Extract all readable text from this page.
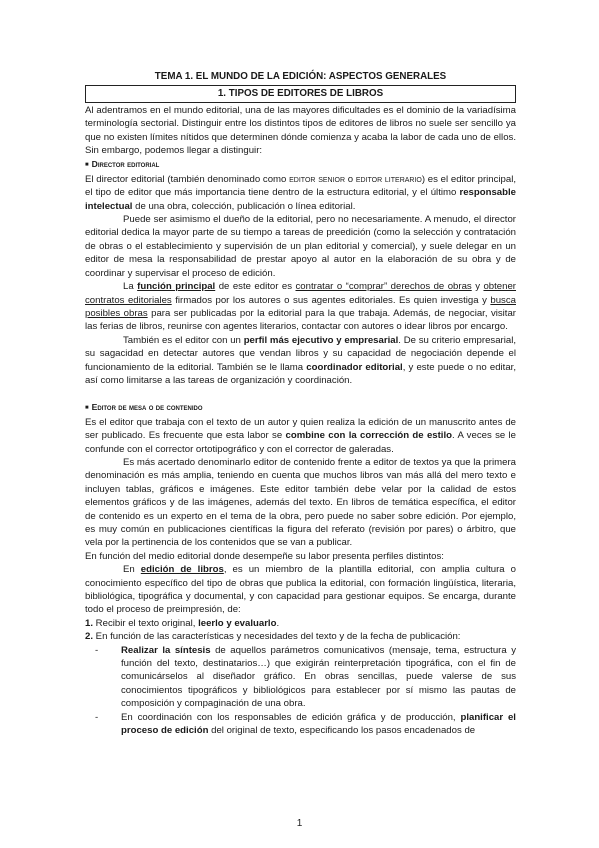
TEMA 1. EL MUNDO DE LA EDICIÓN: ASPECTOS GENERALES
1. TIPOS DE EDITORES DE LIBROS

Al adentramos en el mundo editorial, una de las mayores dificultades es el dominio de la variadísima terminología sectorial. Distinguir entre los distintos tipos de editores de libros no suele ser sencillo ya que no existen límites nítidos que determinen dónde comienza y acaba la labor de cada uno de ellos. Sin embargo, podemos llegar a distinguir:

■ Director editorial

El director editorial (también denominado como editor senior o editor literario) es el editor principal, el tipo de editor que más importancia tiene dentro de la estructura editorial, y el último responsable intelectual de una obra, colección, publicación o línea editorial.

Puede ser asimismo el dueño de la editorial, pero no necesariamente. A menudo, el director editorial dedica la mayor parte de su tiempo a tareas de preedición (como la selección y contratación de obras o el establecimiento y supervisión de un plan editorial y comercial), y suele delegar en un editor de mesa la responsabilidad de prestar apoyo al autor en la elaboración de su obra y de coordinar y supervisar el proceso de edición.

La función principal de este editor es contratar o “comprar” derechos de obras y obtener contratos editoriales firmados por los autores o sus agentes editoriales. Es quien investiga y busca posibles obras para ser publicadas por la editorial para la que trabaja. Además, de negociar, visitar las ferias de libros, reunirse con agentes literarios, contactar con autores o idear libros por encargo.

También es el editor con un perfil más ejecutivo y empresarial. De su criterio empresarial, su sagacidad en detectar autores que vendan libros y su capacidad de negociación depende el funcionamiento de la editorial. También se le llama coordinador editorial, y este puede o no editar, así como limitarse a las tareas de organización y coordinación.

■ Editor de mesa o de contenido

Es el editor que trabaja con el texto de un autor y quien realiza la edición de un manuscrito antes de ser publicado. Es frecuente que esta labor se combine con la corrección de estilo. A veces se le confunde con el corrector ortotipográfico y con el corrector de galeradas.

Es más acertado denominarlo editor de contenido frente a editor de textos ya que la primera denominación es más amplia, teniendo en cuenta que muchos libros van más allá del mero texto e incluyen tablas, gráficos e imágenes. Este editor también debe velar por la calidad de estos elementos gráficos y de las imágenes, además del texto. En libros de temática específica, el editor de contenido es un experto en el tema de la obra, pero puede no saber sobre edición. Por ejemplo, es muy común en publicaciones científicas la figura del referato (revisión por pares) o árbitro, que vela por la pertinencia de los contenidos que se van a publicar.

En función del medio editorial donde desempeñe su labor presenta perfiles distintos:

En edición de libros, es un miembro de la plantilla editorial, con amplia cultura o conocimiento específico del tipo de obras que publica la editorial, con formación lingüística, literaria, bibliológica, tipográfica y documental, y con capacidad para gestionar equipos. Se encarga, durante todo el proceso de preimpresión, de:

1. Recibir el texto original, leerlo y evaluarlo.

2. En función de las características y necesidades del texto y de la fecha de publicación:

-	Realizar la síntesis de aquellos parámetros comunicativos (mensaje, tema, estructura y función del texto, destinatarios…) que exigirán reinterpretación tipográfica, con el fin de comunicárselos al diseñador gráfico. En obras sencillas, puede valerse de sus conocimientos tipográficos y bibliológicos para establecer por sí mismo las pautas de composición y compaginación de una obra.
-	En coordinación con los responsables de edición gráfica y de producción, planificar el proceso de edición del original de texto, especificando los pasos encadenados de
1
